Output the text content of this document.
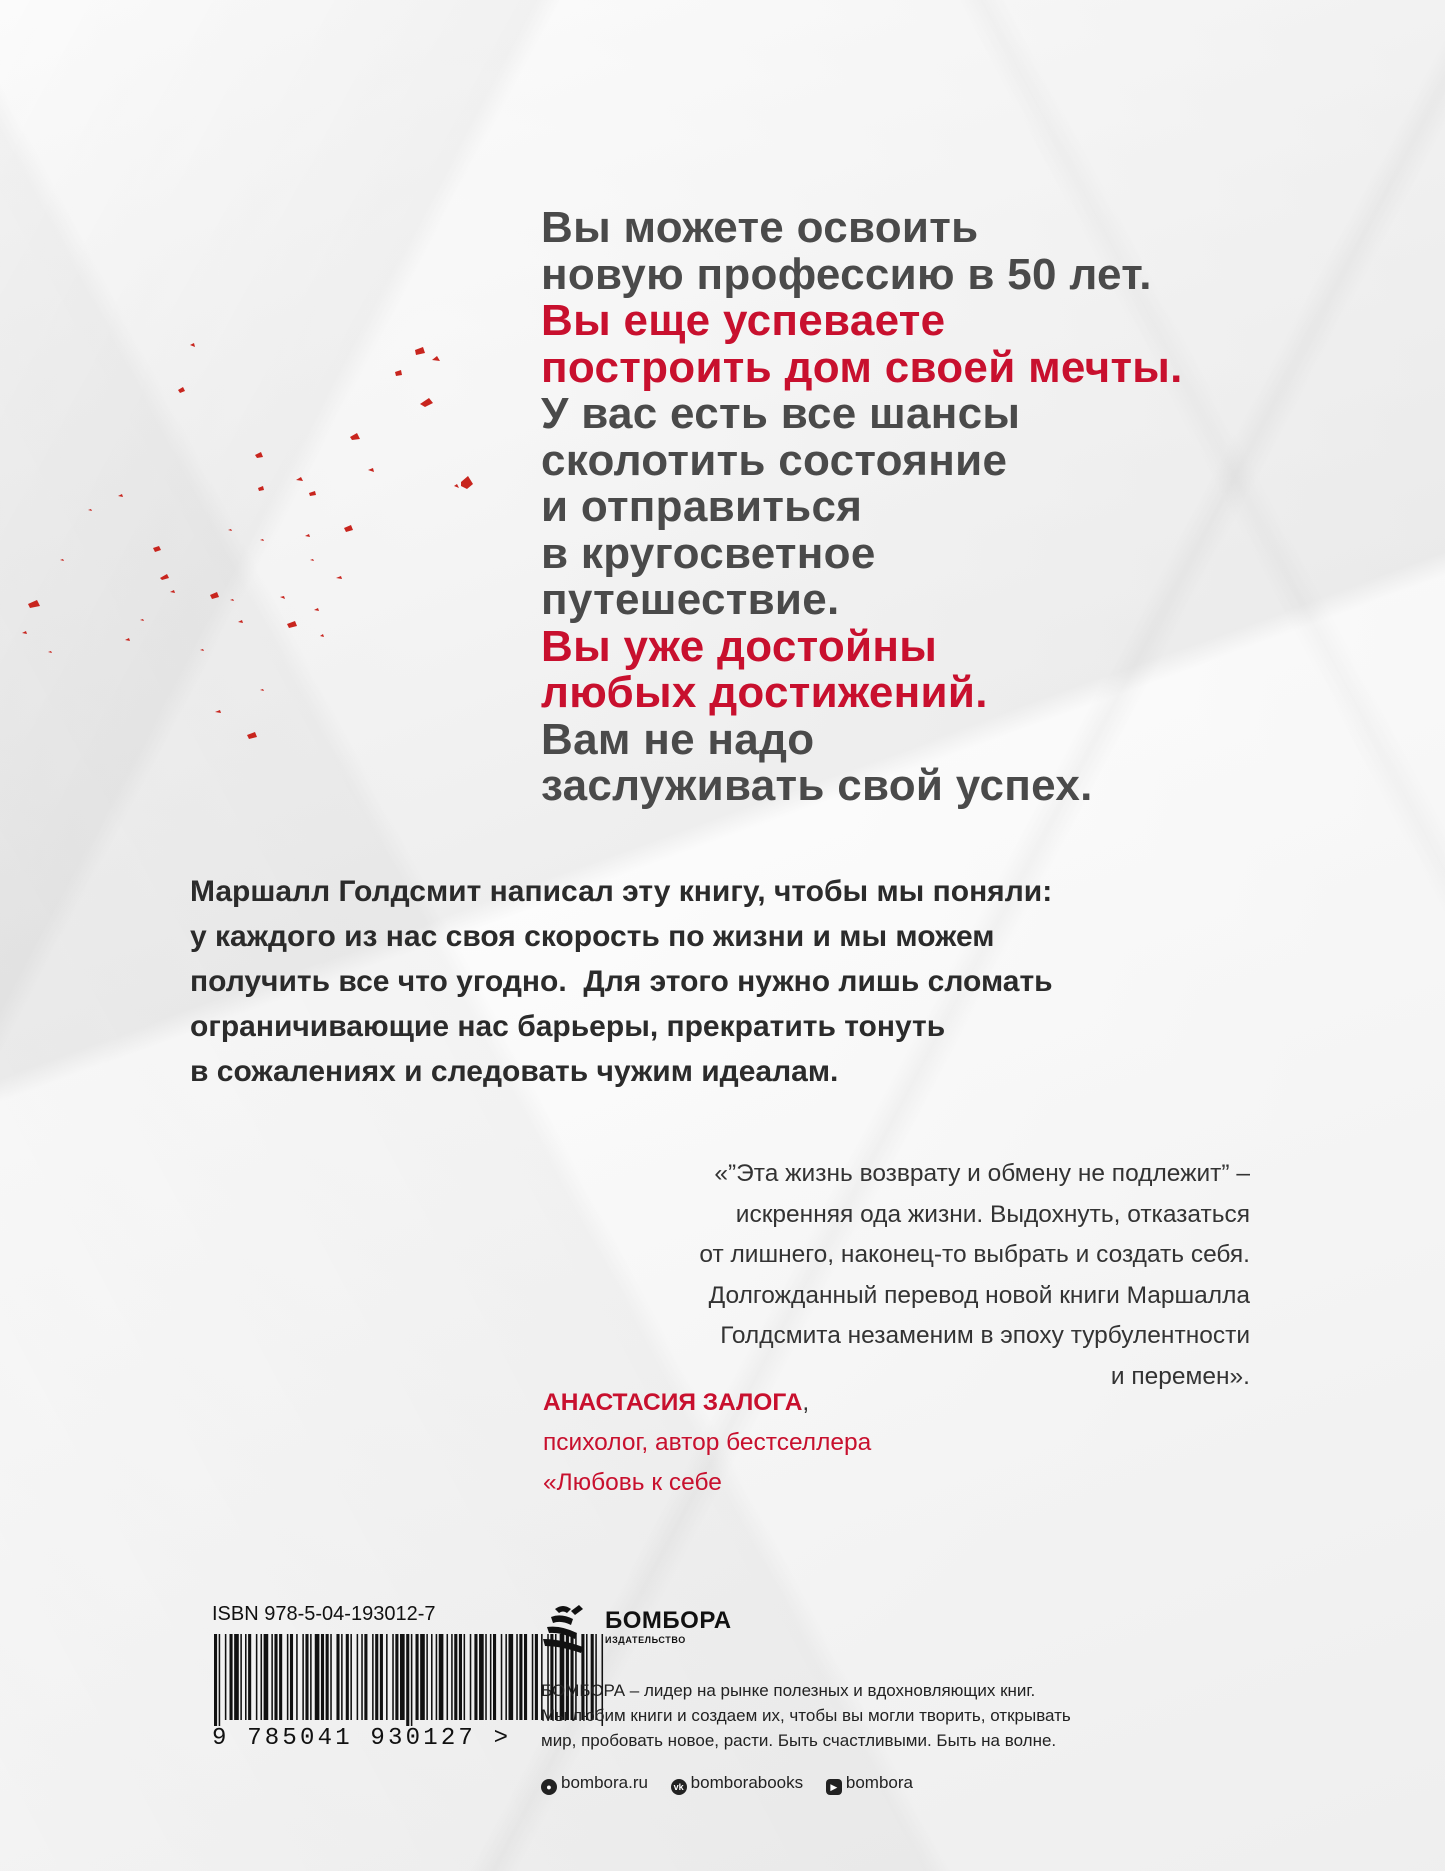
Вы можете освоить
новую профессию в 50 лет.
Вы еще успеваете
построить дом своей мечты.
У вас есть все шансы
сколотить состояние
и отправиться
в кругосветное
путешествие.
Вы уже достойны
любых достижений.
Вам не надо
заслуживать свой успех.
Маршалл Голдсмит написал эту книгу, чтобы мы поняли:
у каждого из нас своя скорость по жизни и мы можем
получить все что угодно.  Для этого нужно лишь сломать
ограничивающие нас барьеры, прекратить тонуть
в сожалениях и следовать чужим идеалам.
«”Эта жизнь возврату и обмену не подлежит” –
искренняя ода жизни. Выдохнуть, отказаться
от лишнего, наконец-то выбрать и создать себя.
Долгожданный перевод новой книги Маршалла
Голдсмита незаменим в эпоху турбулентности
и перемен».
АНАСТАСИЯ ЗАЛОГА,
психолог, автор бестселлера
«Любовь к себе
ISBN 978-5-04-193012-7
9 785041 930127 >
БОМБОРА
ИЗДАТЕЛЬСТВО
БОМБОРА – лидер на рынке полезных и вдохновляющих книг.
Мы любим книги и создаем их, чтобы вы могли творить, открывать
мир, пробовать новое, расти. Быть счастливыми. Быть на волне.
● bombora.ru	vk bomborabooks	▶ bombora
